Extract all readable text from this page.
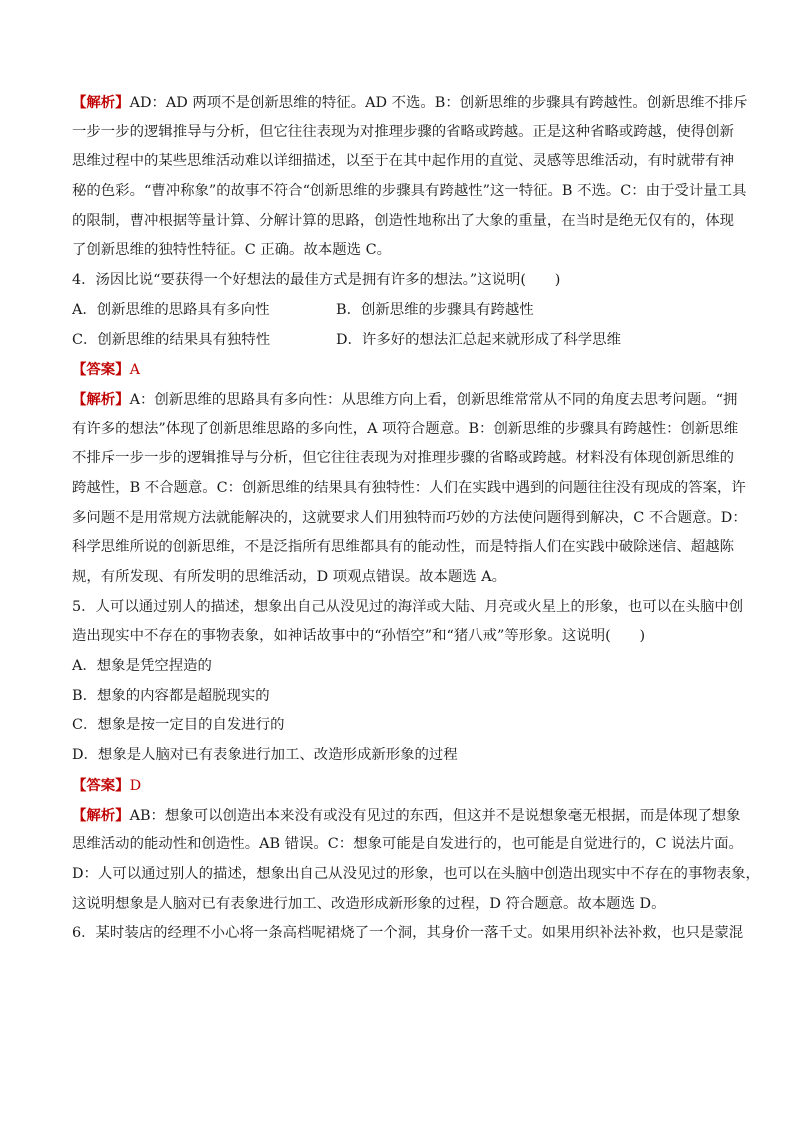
【解析】AD：AD 两项不是创新思维的特征。AD 不选。B：创新思维的步骤具有跨越性。创新思维不排斥
一步一步的逻辑推导与分析，但它往往表现为对推理步骤的省略或跨越。正是这种省略或跨越，使得创新
思维过程中的某些思维活动难以详细描述，以至于在其中起作用的直觉、灵感等思维活动，有时就带有神
秘的色彩。“曹冲称象”的故事不符合“创新思维的步骤具有跨越性”这一特征。B 不选。C：由于受计量工具
的限制，曹冲根据等量计算、分解计算的思路，创造性地称出了大象的重量，在当时是绝无仅有的，体现
了创新思维的独特性特征。C 正确。故本题选 C。
4．汤因比说“要获得一个好想法的最佳方式是拥有许多的想法。”这说明(　　)
A．创新思维的思路具有多向性	B．创新思维的步骤具有跨越性
C．创新思维的结果具有独特性	D．许多好的想法汇总起来就形成了科学思维
【答案】A
【解析】A：创新思维的思路具有多向性：从思维方向上看，创新思维常常从不同的角度去思考问题。“拥
有许多的想法”体现了创新思维思路的多向性，A 项符合题意。B：创新思维的步骤具有跨越性：创新思维
不排斥一步一步的逻辑推导与分析，但它往往表现为对推理步骤的省略或跨越。材料没有体现创新思维的
跨越性，B 不合题意。C：创新思维的结果具有独特性：人们在实践中遇到的问题往往没有现成的答案，许
多问题不是用常规方法就能解决的，这就要求人们用独特而巧妙的方法使问题得到解决，C 不合题意。D：
科学思维所说的创新思维，不是泛指所有思维都具有的能动性，而是特指人们在实践中破除迷信、超越陈
规，有所发现、有所发明的思维活动，D 项观点错误。故本题选 A。
5．人可以通过别人的描述，想象出自己从没见过的海洋或大陆、月亮或火星上的形象，也可以在头脑中创
造出现实中不存在的事物表象，如神话故事中的“孙悟空”和“猪八戒”等形象。这说明(　　)
A．想象是凭空捏造的
B．想象的内容都是超脱现实的
C．想象是按一定目的自发进行的
D．想象是人脑对已有表象进行加工、改造形成新形象的过程
【答案】D
【解析】AB：想象可以创造出本来没有或没有见过的东西，但这并不是说想象毫无根据，而是体现了想象
思维活动的能动性和创造性。AB 错误。C：想象可能是自发进行的，也可能是自觉进行的，C 说法片面。
D：人可以通过别人的描述，想象出自己从没见过的形象，也可以在头脑中创造出现实中不存在的事物表象，
这说明想象是人脑对已有表象进行加工、改造形成新形象的过程，D 符合题意。故本题选 D。
6．某时装店的经理不小心将一条高档呢裙烧了一个洞，其身价一落千丈。如果用织补法补救，也只是蒙混
